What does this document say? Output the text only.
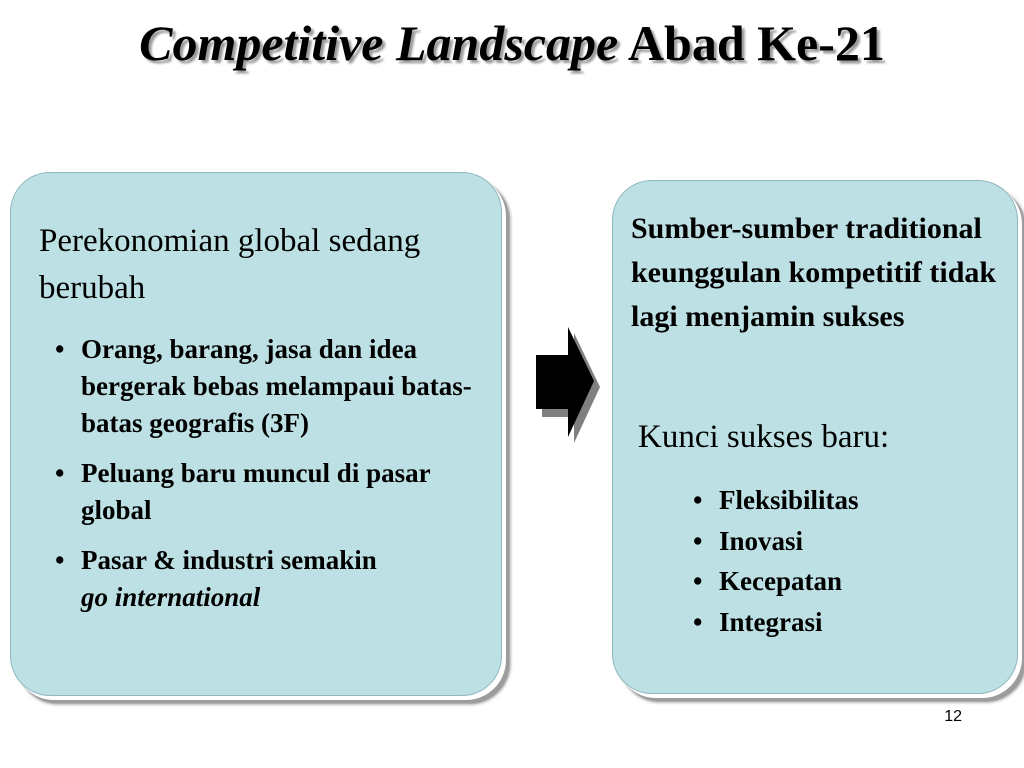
Competitive Landscape Abad Ke-21
Perekonomian global sedang berubah
• Orang, barang, jasa dan idea bergerak bebas melampaui batas-batas geografis (3F)
• Peluang baru muncul di pasar global
• Pasar & industri semakin
go international

Sumber-sumber traditional keunggulan kompetitif tidak lagi menjamin sukses

Kunci sukses baru:
• Fleksibilitas
• Inovasi
• Kecepatan
• Integrasi
12
